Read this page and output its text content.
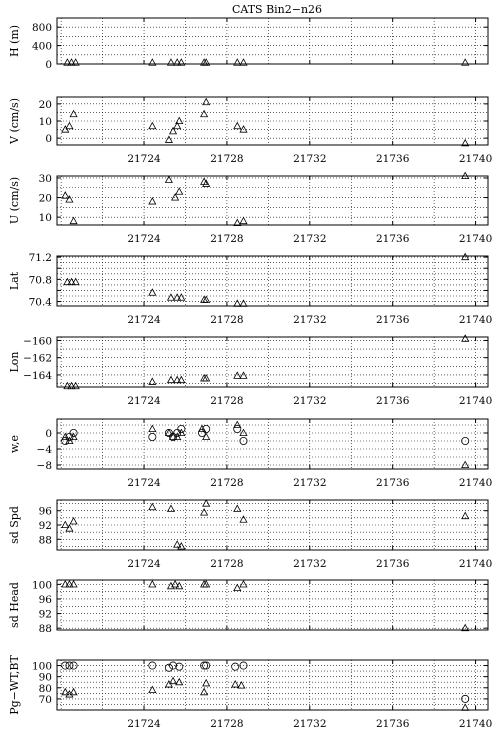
CATS Bin2−n26
0
400
800
H (m)
0
10
20
21724	21728	21732	21736	21740
V (cm/s)
10
20
30
21724	21728	21732	21736	21740
U (cm/s)
70.4
70.8
71.2
21724	21728	21732	21736	21740
Lat
−164
−162
−160
21724	21728	21732	21736	21740
Lon
−8
−4
0
21724	21728	21732	21736	21740
w,e
88
92
96
21724	21728	21732	21736	21740
sd Spd
88
92
96
100
sd Head
70
80
90
100
21724	21728	21732	21736	21740
Pg−WT,BT
